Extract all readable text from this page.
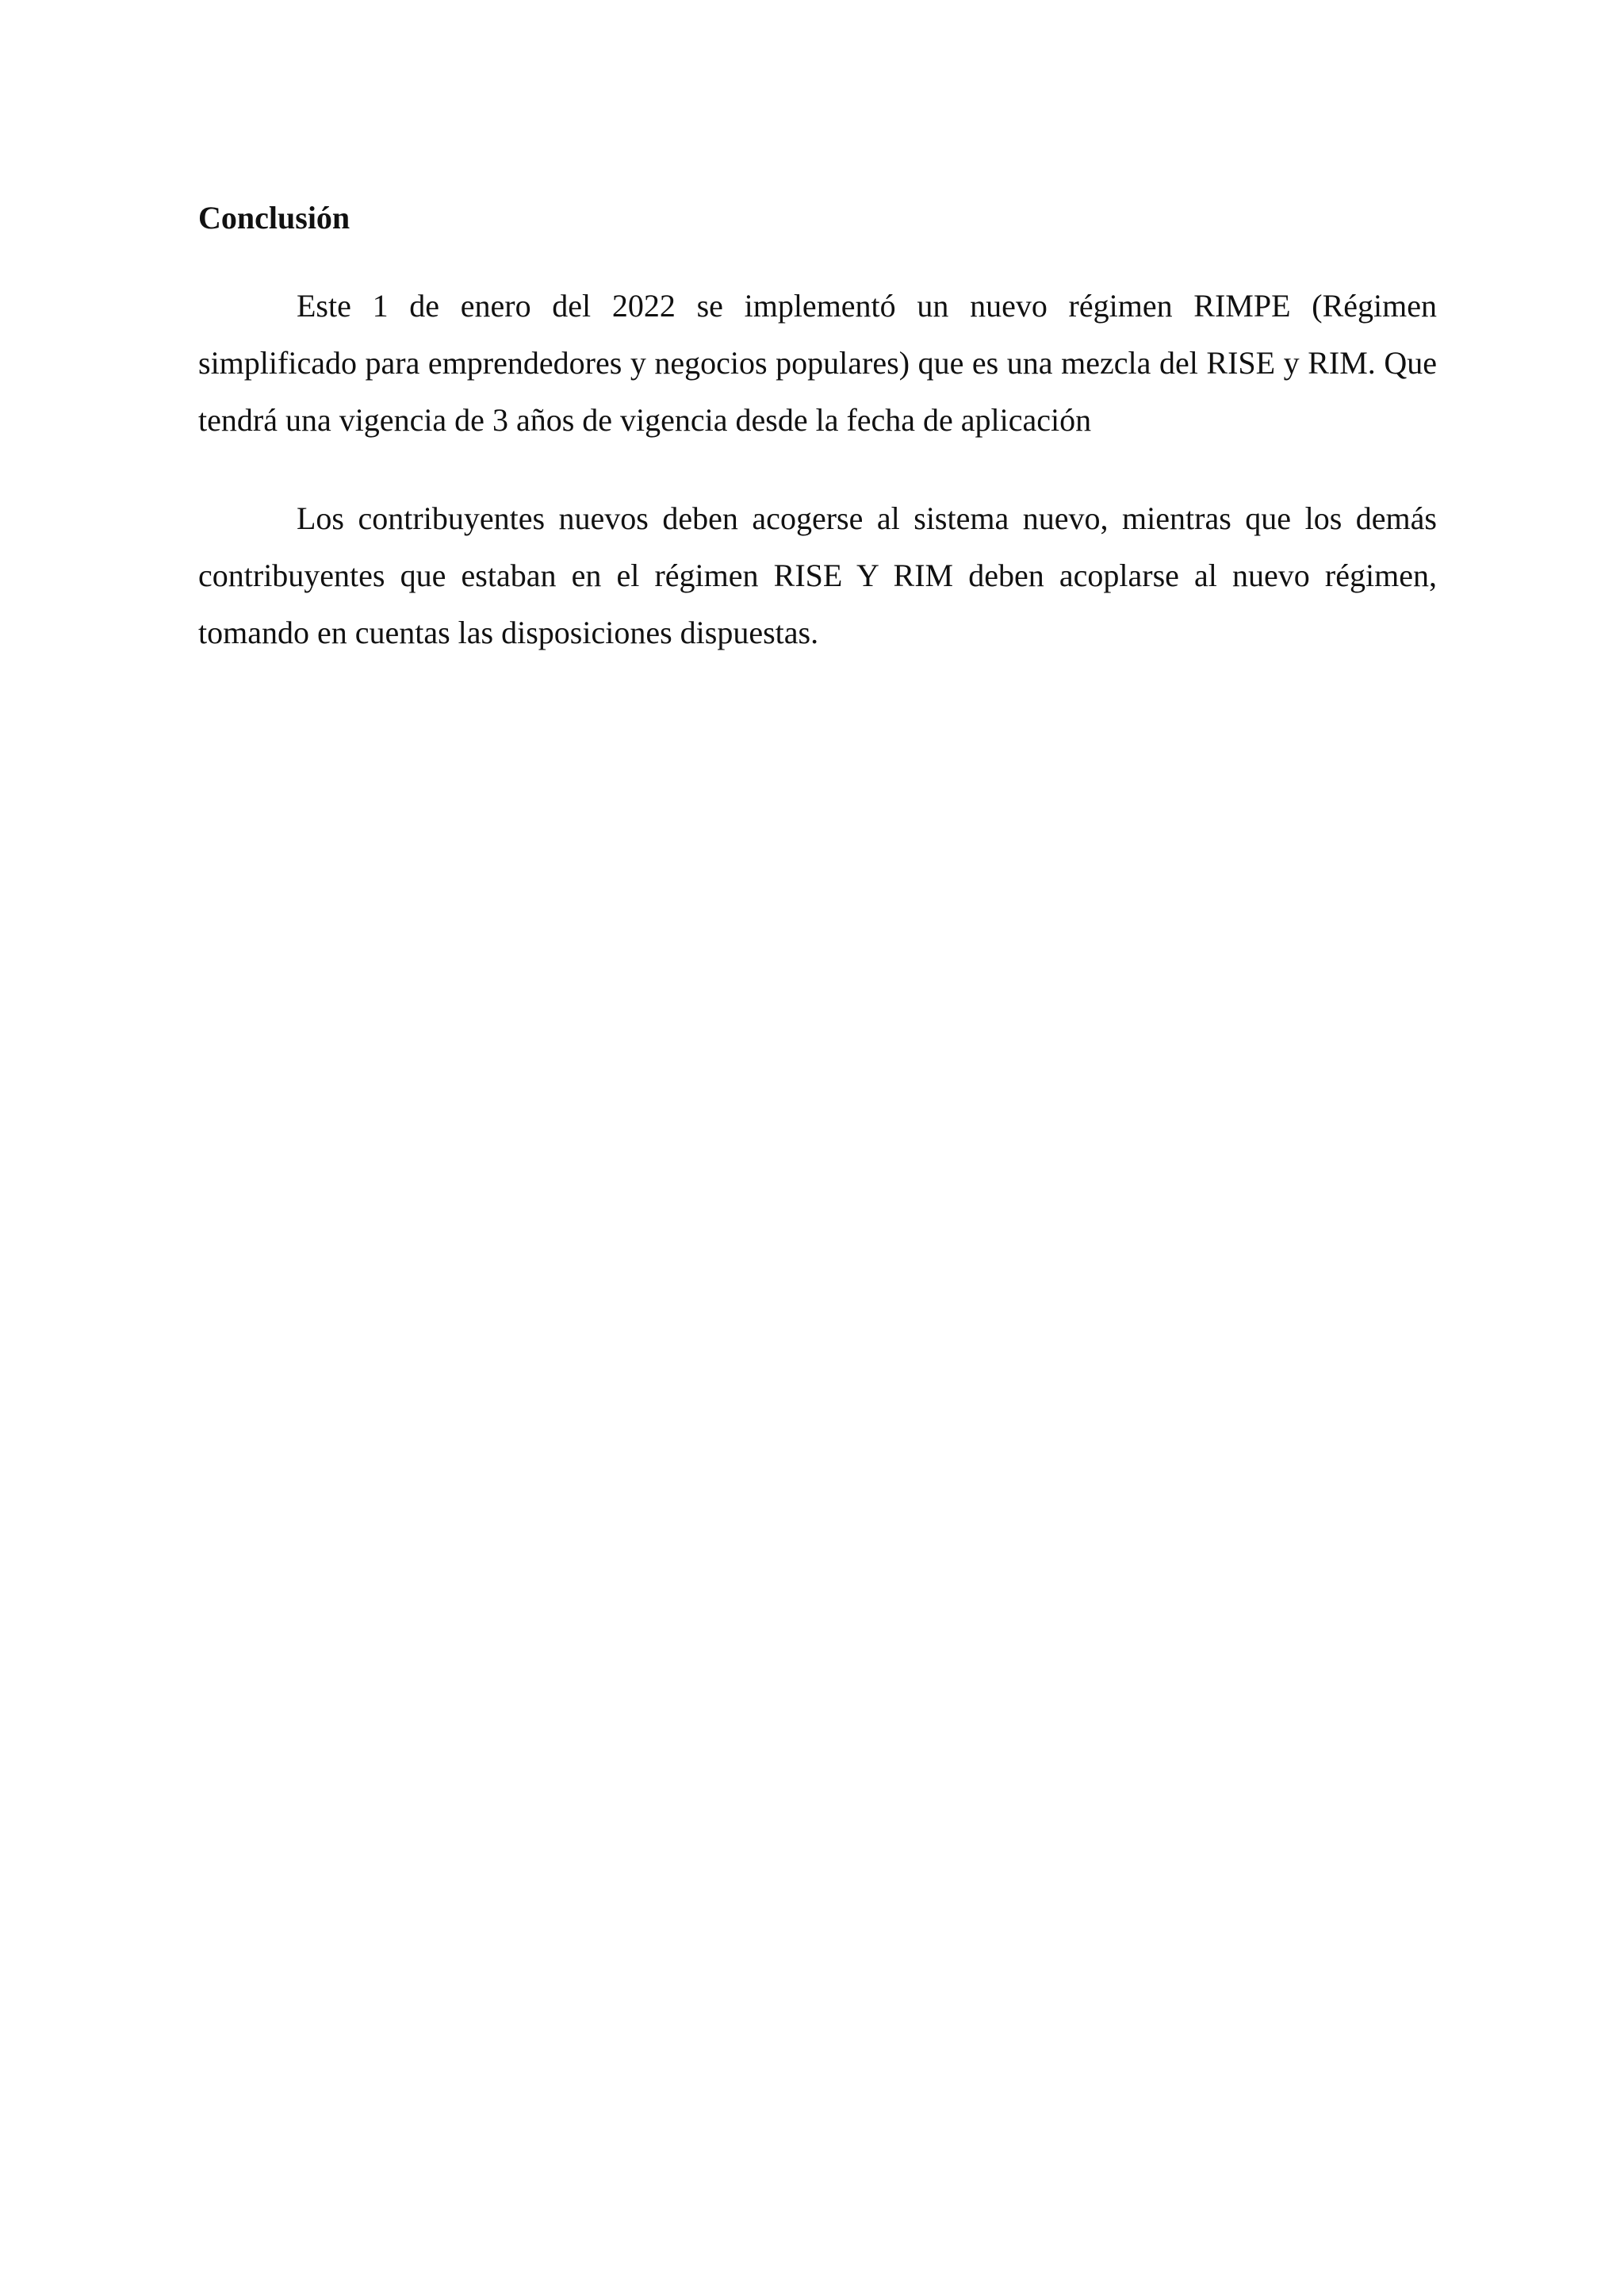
Conclusión

Este 1 de enero del 2022 se implementó un nuevo régimen RIMPE (Régimen simplificado para emprendedores y negocios populares) que es una mezcla del RISE y RIM. Que tendrá una vigencia de 3 años de vigencia desde la fecha de aplicación

Los contribuyentes nuevos deben acogerse al sistema nuevo, mientras que los demás contribuyentes que estaban en el régimen RISE Y RIM deben acoplarse al nuevo régimen, tomando en cuentas las disposiciones dispuestas.
